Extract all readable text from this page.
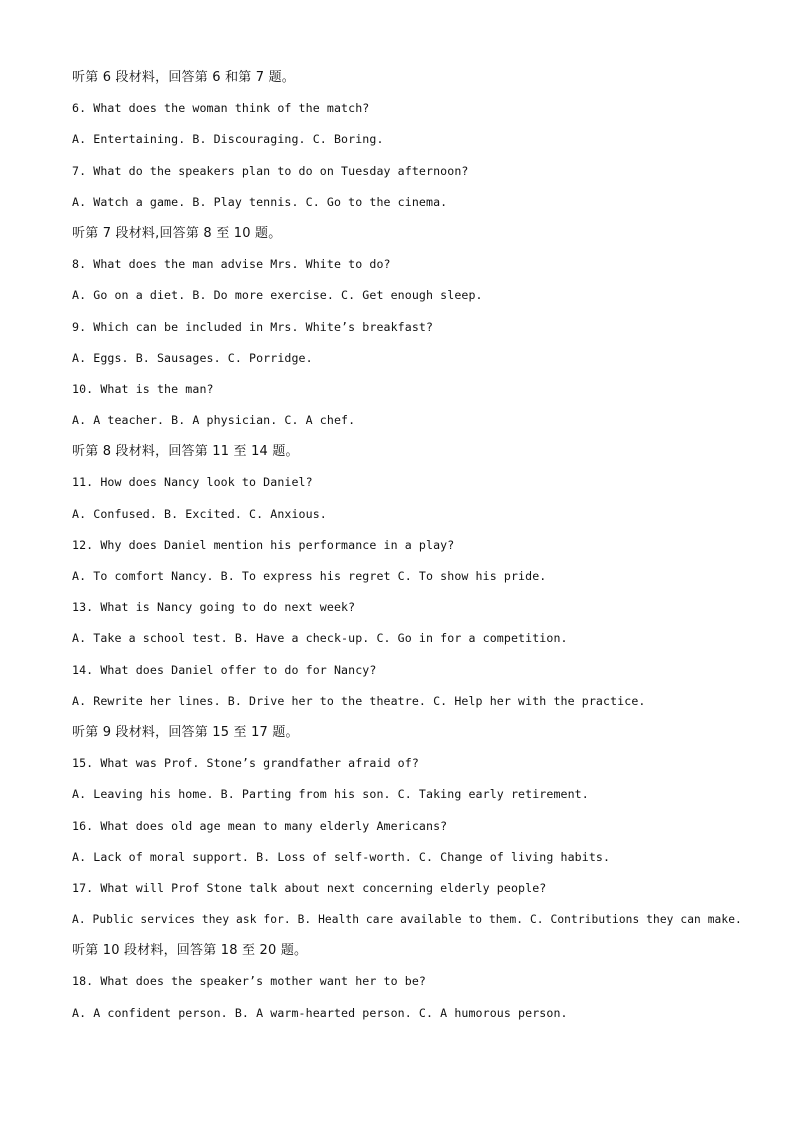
听第 6 段材料，回答第 6 和第 7 题。
6. What does the woman think of the match?
A. Entertaining. B. Discouraging. C. Boring.
7. What do the speakers plan to do on Tuesday afternoon?
A. Watch a game. B. Play tennis. C. Go to the cinema.
听第 7 段材料,回答第 8 至 10 题。
8. What does the man advise Mrs. White to do?
A. Go on a diet. B. Do more exercise. C. Get enough sleep.
9. Which can be included in Mrs. White’s breakfast?
A. Eggs. B. Sausages. C. Porridge.
10. What is the man?
A. A teacher. B. A physician. C. A chef.
听第 8 段材料，回答第 11 至 14 题。
11. How does Nancy look to Daniel?
A. Confused. B. Excited. C. Anxious.
12. Why does Daniel mention his performance in a play?
A. To comfort Nancy. B. To express his regret C. To show his pride.
13. What is Nancy going to do next week?
A. Take a school test. B. Have a check-up. C. Go in for a competition.
14. What does Daniel offer to do for Nancy?
A. Rewrite her lines. B. Drive her to the theatre. C. Help her with the practice.
听第 9 段材料，回答第 15 至 17 题。
15. What was Prof. Stone’s grandfather afraid of?
A. Leaving his home. B. Parting from his son. C. Taking early retirement.
16. What does old age mean to many elderly Americans?
A. Lack of moral support. B. Loss of self-worth. C. Change of living habits.
17. What will Prof Stone talk about next concerning elderly people?
A. Public services they ask for. B. Health care available to them. C. Contributions they can make.
听第 10 段材料，回答第 18 至 20 题。
18. What does the speaker’s mother want her to be?
A. A confident person. B. A warm-hearted person. C. A humorous person.
